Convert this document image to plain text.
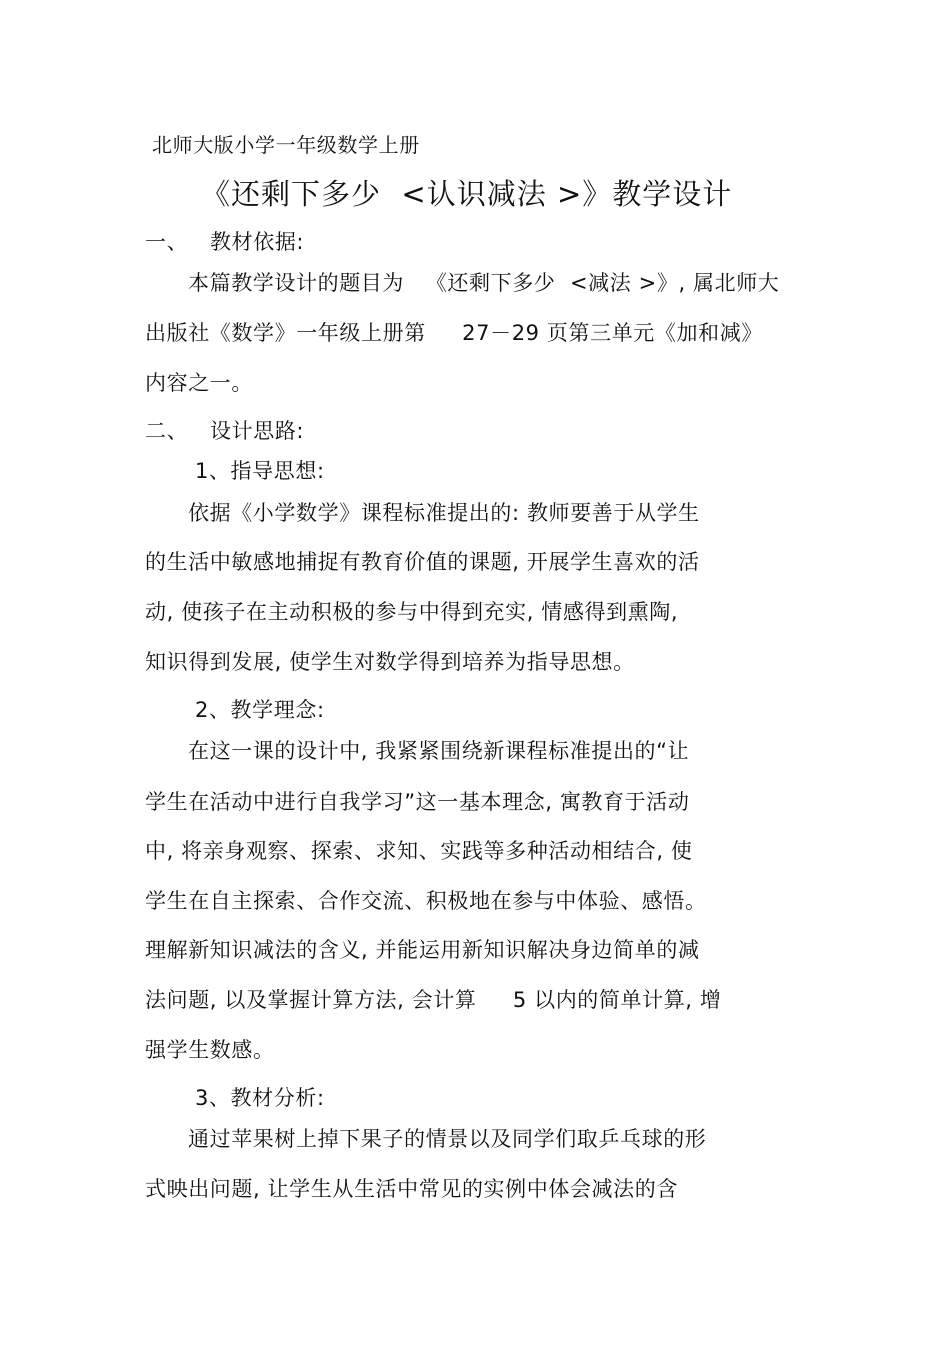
北师大版小学一年级数学上册
《还剩下多少  <认识减法 >》教学设计
一、   教材依据:
本篇教学设计的题目为   《还剩下多少  <减法 >》, 属北师大
出版社《数学》一年级上册第     27－29 页第三单元《加和减》
内容之一。
二、   设计思路:
1、指导思想:
依据《小学数学》课程标准提出的: 教师要善于从学生
的生活中敏感地捕捉有教育价值的课题, 开展学生喜欢的活
动, 使孩子在主动积极的参与中得到充实, 情感得到熏陶,
知识得到发展, 使学生对数学得到培养为指导思想。
2、教学理念:
在这一课的设计中, 我紧紧围绕新课程标准提出的“让
学生在活动中进行自我学习”这一基本理念, 寓教育于活动
中, 将亲身观察、探索、求知、实践等多种活动相结合, 使
学生在自主探索、合作交流、积极地在参与中体验、感悟。
理解新知识减法的含义, 并能运用新知识解决身边简单的减
法问题, 以及掌握计算方法, 会计算     5 以内的简单计算, 增
强学生数感。
3、教材分析:
通过苹果树上掉下果子的情景以及同学们取乒乓球的形
式映出问题, 让学生从生活中常见的实例中体会减法的含
